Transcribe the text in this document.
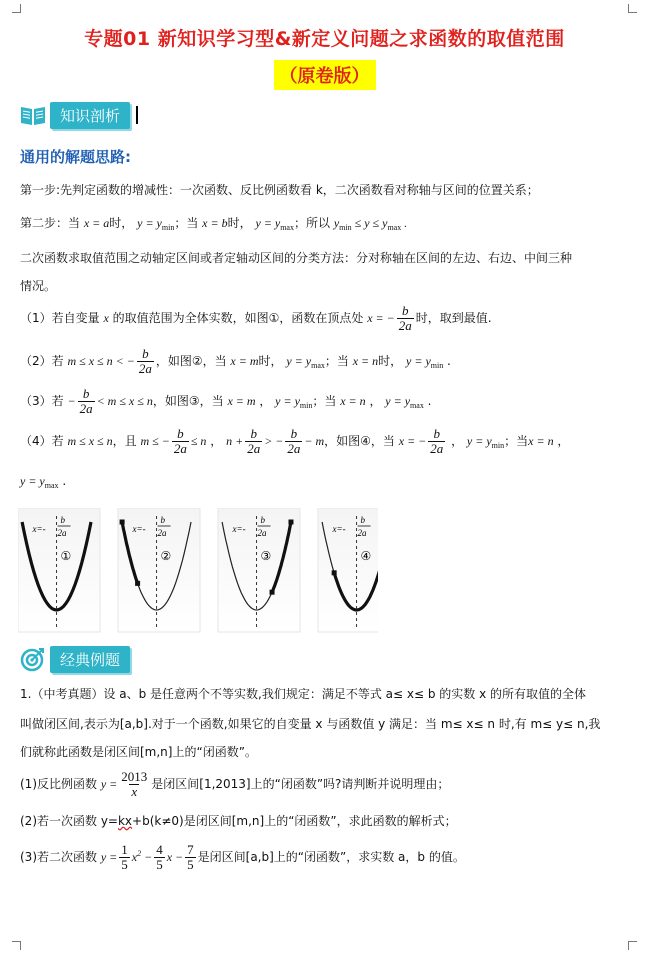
专题01 新知识学习型&新定义问题之求函数的取值范围
（原卷版）
知识剖析
通用的解题思路:
第一步:先判定函数的增减性：一次函数、反比例函数看 k，二次函数看对称轴与区间的位置关系；
第二步：当 x = a时， $y = y_{min}$；当 x = b时， $y = y_{max}$；所以 $y_{min} \le y \le y_{max}$ .
二次函数求取值范围之动轴定区间或者定轴动区间的分类方法：分对称轴在区间的左边、右边、中间三种
情况。
（1）若自变量 x 的取值范围为全体实数，如图①，函数在顶点处 x = − $\frac{b}{2a}$ 时，取到最值.
（2）若 m ≤ x ≤ n < − $\frac{b}{2a}$ ，如图②，当 x = m时， $y = y_{max}$；当 x = n时， $y = y_{min}$ .
（3）若 − $\frac{b}{2a} < m \le x \le n$，如图③，当 x = m ， $y = y_{min}$；当 x = n ， $y = y_{max}$ .
（4）若 m ≤ x ≤ n，且 m ≤ − $\frac{b}{2a} \le n$ ， $n + \frac{b}{2a}$ > − $\frac{b}{2a} - m$，如图④，当 x = − $\frac{b}{2a}$ ， $y = y_{min}$；当x = n ，
$y = y_{max}$ .
x=-
b
2a
①
x=-
b
2a
②
x=-
b
2a
③
x=-
b
2a
④
经典例题
1.（中考真题）设 a、b 是任意两个不等实数,我们规定：满足不等式 a≤ x≤ b 的实数 x 的所有取值的全体
叫做闭区间,表示为[a,b].对于一个函数,如果它的自变量 x 与函数值 y 满足：当 m≤ x≤ n 时,有 m≤ y≤ n,我
们就称此函数是闭区间[m,n]上的“闭函数”。
(1)反比例函数 $y = \frac{2013}{x}$ 是闭区间[1,2013]上的“闭函数”吗?请判断并说明理由；
(2)若一次函数 y=kx+b(k≠0)是闭区间[m,n]上的“闭函数”，求此函数的解析式；
(3)若二次函数 $y = \frac{1}{5} x^2 - \frac{4}{5}$ $x - \frac{7}{5}$ 是闭区间[a,b]上的“闭函数”，求实数 a，b 的值。
